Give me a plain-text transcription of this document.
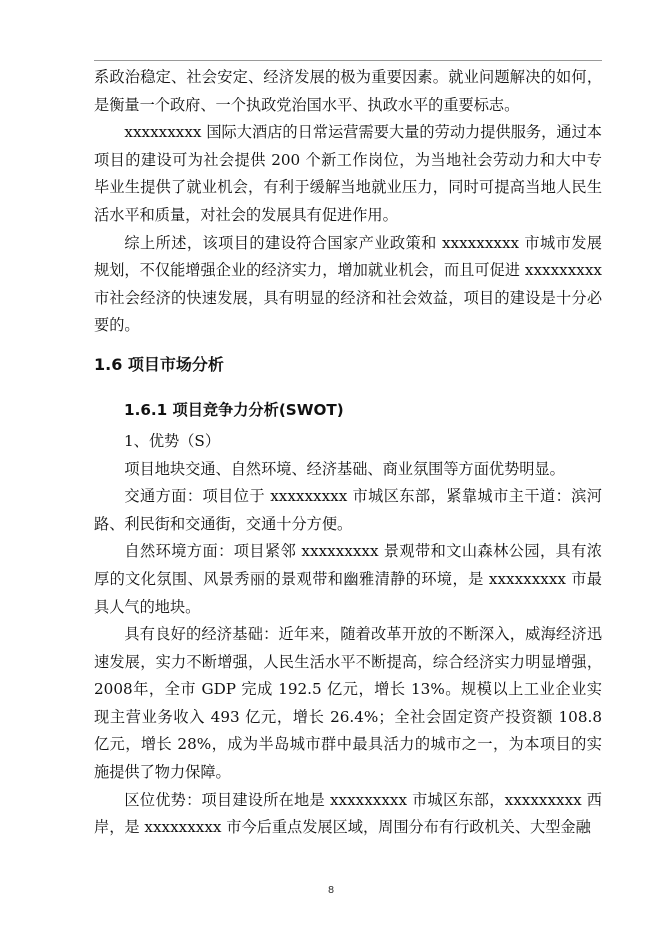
系政治稳定、社会安定、经济发展的极为重要因素。就业问题解决的如何，是衡量一个政府、一个执政党治国水平、执政水平的重要标志。

xxxxxxxxx 国际大酒店的日常运营需要大量的劳动力提供服务，通过本项目的建设可为社会提供 200 个新工作岗位，为当地社会劳动力和大中专毕业生提供了就业机会，有利于缓解当地就业压力，同时可提高当地人民生活水平和质量，对社会的发展具有促进作用。

综上所述，该项目的建设符合国家产业政策和 xxxxxxxxx 市城市发展规划，不仅能增强企业的经济实力，增加就业机会，而且可促进 xxxxxxxxx 市社会经济的快速发展，具有明显的经济和社会效益，项目的建设是十分必要的。

1.6 项目市场分析
1.6.1 项目竞争力分析(SWOT)

1、优势（S）

项目地块交通、自然环境、经济基础、商业氛围等方面优势明显。

交通方面：项目位于 xxxxxxxxx 市城区东部，紧靠城市主干道：滨河路、利民街和交通街，交通十分方便。

自然环境方面：项目紧邻 xxxxxxxxx 景观带和文山森林公园，具有浓厚的文化氛围、风景秀丽的景观带和幽雅清静的环境，是 xxxxxxxxx 市最具人气的地块。

具有良好的经济基础：近年来，随着改革开放的不断深入，威海经济迅速发展，实力不断增强，人民生活水平不断提高，综合经济实力明显增强，2008年，全市 GDP 完成 192.5 亿元，增长 13%。规模以上工业企业实现主营业务收入 493 亿元，增长 26.4%；全社会固定资产投资额 108.8 亿元，增长 28%，成为半岛城市群中最具活力的城市之一，为本项目的实施提供了物力保障。

区位优势：项目建设所在地是 xxxxxxxxx 市城区东部，xxxxxxxxx 西岸，是 xxxxxxxxx 市今后重点发展区域，周围分布有行政机关、大型金融

8
